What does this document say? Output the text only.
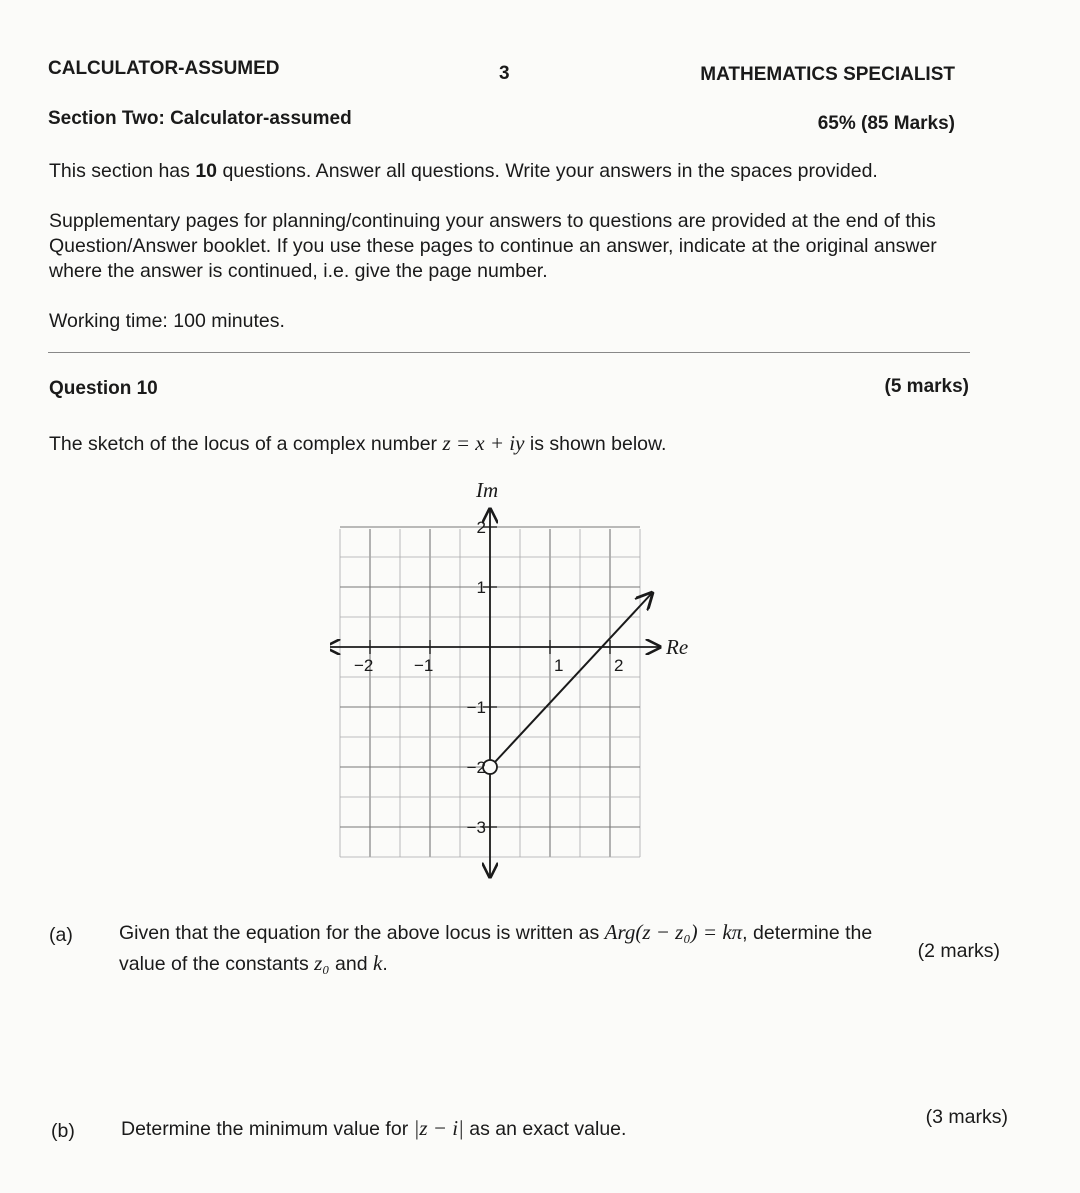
CALCULATOR-ASSUMED	3	MATHEMATICS SPECIALIST
Section Two: Calculator-assumed	65% (85 Marks)
This section has 10 questions. Answer all questions. Write your answers in the spaces provided.
Supplementary pages for planning/continuing your answers to questions are provided at the end of this Question/Answer booklet. If you use these pages to continue an answer, indicate at the original answer where the answer is continued, i.e. give the page number.
Working time: 100 minutes.
Question 10	(5 marks)
The sketch of the locus of a complex number z = x + iy is shown below.
−2 −1	1	2
2
1
−1
−2
−3
Re
Im
(a) Given that the equation for the above locus is written as Arg(z − z₀) = kπ, determine the
value of the constants z₀ and k.
(2 marks)
(b) Determine the minimum value for |z − i| as an exact value.
(3 marks)
